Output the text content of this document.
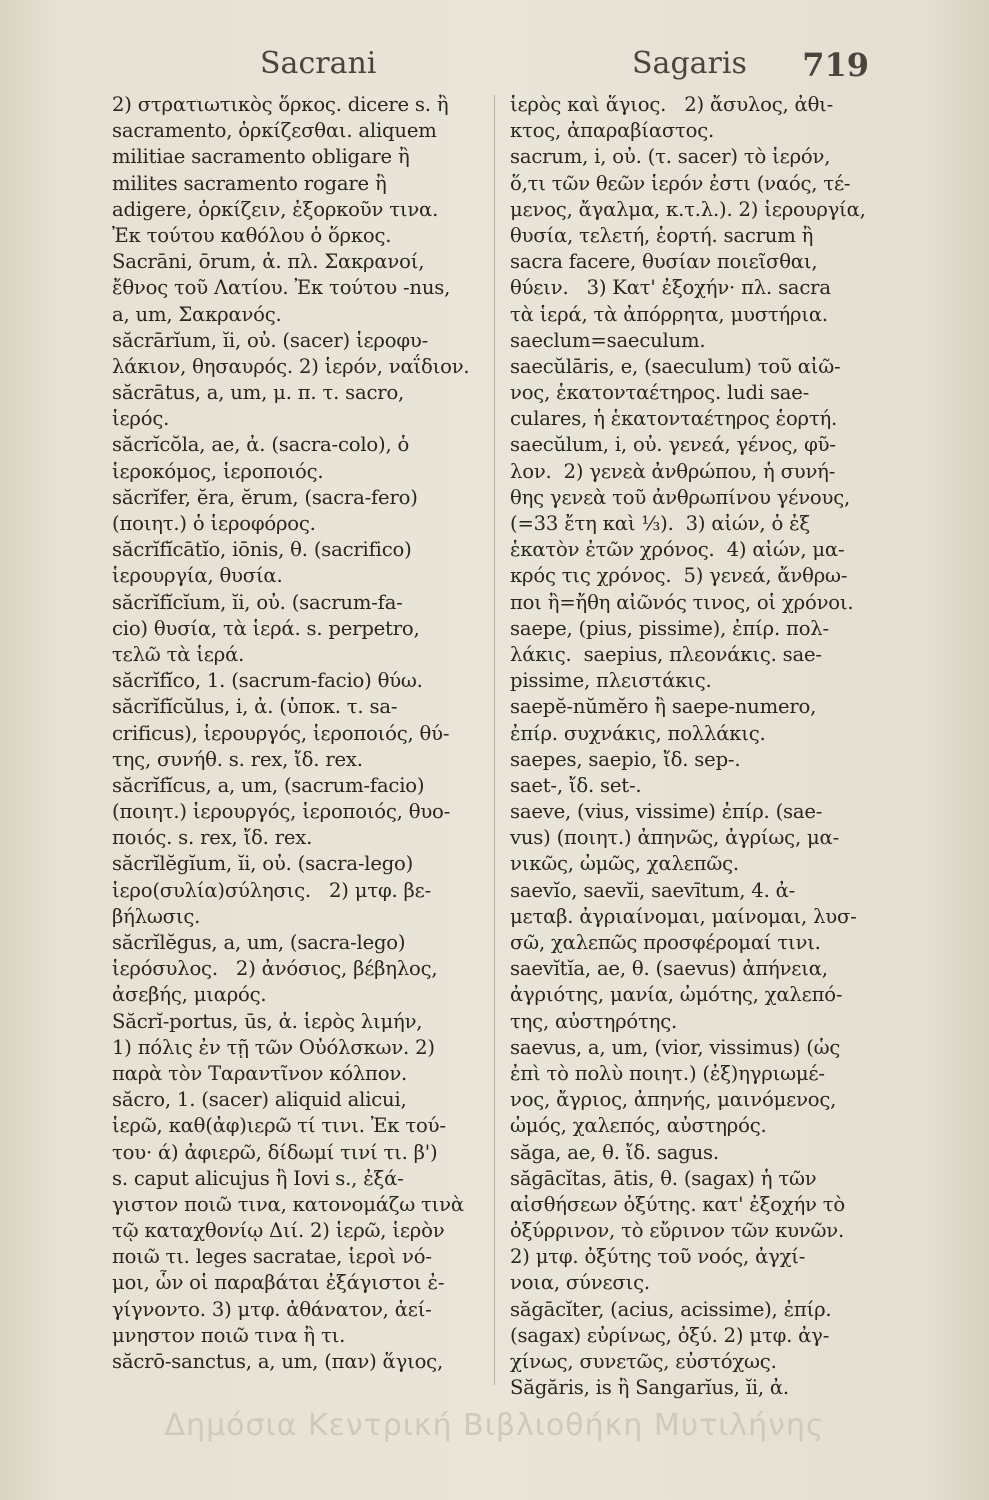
Sacrani	Sagaris 719
2) στρατιωτικὸς ὅρκος. dicere s. ἢ
sacramento, ὁρκίζεσθαι. aliquem
militiae sacramento obligare ἢ
milites sacramento rogare ἢ
adigere, ὁρκίζειν, ἐξορκοῦν τινα.
Ἐκ τούτου καθόλου ὁ ὅρκος.
Sacrāni, ōrum, ἀ. πλ. Σακρανοί,
ἔθνος τοῦ Λατίου. Ἐκ τούτου -nus,
a, um, Σακρανός.
săcrārĭum, ĭi, οὐ. (sacer) ἱεροφυ-
λάκιον, θησαυρός. 2) ἱερόν, ναΐδιον.
săcrātus, a, um, μ. π. τ. sacro,
ἱερός.
săcrĭcŏla, ae, ἀ. (sacra-colo), ὁ
ἱεροκόμος, ἱεροποιός.
săcrĭfer, ĕra, ĕrum, (sacra-fero)
(ποιητ.) ὁ ἱεροφόρος.
săcrĭfĭcātĭo, iōnis, θ. (sacrifico)
ἱερουργία, θυσία.
săcrĭfĭcĭum, ĭi, οὐ. (sacrum-fa-
cio) θυσία, τὰ ἱερά. s. perpetro,
τελῶ τὰ ἱερά.
săcrĭfĭco, 1. (sacrum-facio) θύω.
săcrĭfĭcŭlus, i, ἀ. (ὑποκ. τ. sa-
crificus), ἱερουργός, ἱεροποιός, θύ-
της, συνήθ. s. rex, ἴδ. rex.
săcrĭfĭcus, a, um, (sacrum-facio)
(ποιητ.) ἱερουργός, ἱεροποιός, θυο-
ποιός. s. rex, ἴδ. rex.
săcrĭlĕgĭum, ĭi, οὐ. (sacra-lego)
ἱερο(συλία)σύλησις.   2) μτφ. βε-
βήλωσις.
săcrĭlĕgus, a, um, (sacra-lego)
ἱερόσυλος.   2) ἀνόσιος, βέβηλος,
ἀσεβής, μιαρός.
Săcrĭ-portus, ūs, ἀ. ἱερὸς λιμήν,
1) πόλις ἐν τῇ τῶν Οὐόλσκων. 2)
παρὰ τὸν Ταραντῖνον κόλπον.
săcro, 1. (sacer) aliquid alicui,
ἱερῶ, καθ(ἀφ)ιερῶ τί τινι. Ἐκ τού-
του· ά) ἀφιερῶ, δίδωμί τινί τι. β')
s. caput alicujus ἢ Iovi s., ἐξά-
γιστον ποιῶ τινα, κατονομάζω τινὰ
τῷ καταχθονίῳ Διί. 2) ἱερῶ, ἱερὸν
ποιῶ τι. leges sacratae, ἱεροὶ νό-
μοι, ὧν οἱ παραβάται ἐξάγιστοι ἐ-
γίγνοντο. 3) μτφ. ἀθάνατον, ἀεί-
μνηστον ποιῶ τινα ἢ τι.
săcrō-sanctus, a, um, (παν) ἅγιος,
ἱερὸς καὶ ἅγιος.   2) ἄσυλος, ἀθι-
κτος, ἀπαραβίαστος.
sacrum, i, οὐ. (τ. sacer) τὸ ἱερόν,
ὅ,τι τῶν θεῶν ἱερόν ἐστι (ναός, τέ-
μενος, ἄγαλμα, κ.τ.λ.). 2) ἱερουργία,
θυσία, τελετή, ἑορτή. sacrum ἢ
sacra facere, θυσίαν ποιεῖσθαι,
θύειν.   3) Κατ' ἐξοχήν· πλ. sacra
τὰ ἱερά, τὰ ἀπόρρητα, μυστήρια.
saeclum=saeculum.
saecŭlāris, e, (saeculum) τοῦ αἰῶ-
νος, ἑκατονταέτηρος. ludi sae-
culares, ἡ ἑκατονταέτηρος ἑορτή.
saecŭlum, i, οὐ. γενεά, γένος, φῦ-
λον.  2) γενεὰ ἀνθρώπου, ἡ συνή-
θης γενεὰ τοῦ ἀνθρωπίνου γένους,
(=33 ἔτη καὶ ⅓).  3) αἰών, ὁ ἐξ
ἑκατὸν ἐτῶν χρόνος.  4) αἰών, μα-
κρός τις χρόνος.  5) γενεά, ἄνθρω-
ποι ἢ=ἤθη αἰῶνός τινος, οἱ χρόνοι.
saepe, (pius, pissime), ἐπίρ. πολ-
λάκις.  saepius, πλεονάκις. sae-
pissime, πλειστάκις.
saepĕ-nŭmĕro ἢ saepe-numero,
ἐπίρ. συχνάκις, πολλάκις.
saepes, saepio, ἴδ. sep-.
saet-, ἴδ. set-.
saeve, (vius, vissime) ἐπίρ. (sae-
vus) (ποιητ.) ἀπηνῶς, ἀγρίως, μα-
νικῶς, ὠμῶς, χαλεπῶς.
saevĭo, saevĭi, saevītum, 4. ἀ-
μεταβ. ἀγριαίνομαι, μαίνομαι, λυσ-
σῶ, χαλεπῶς προσφέρομαί τινι.
saevĭtĭa, ae, θ. (saevus) ἀπήνεια,
ἀγριότης, μανία, ὠμότης, χαλεπό-
της, αὐστηρότης.
saevus, a, um, (vior, vissimus) (ὡς
ἐπὶ τὸ πολὺ ποιητ.) (ἐξ)ηγριωμέ-
νος, ἄγριος, ἀπηνής, μαινόμενος,
ὠμός, χαλεπός, αὐστηρός.
săga, ae, θ. ἴδ. sagus.
săgācĭtas, ātis, θ. (sagax) ἡ τῶν
αἰσθήσεων ὀξύτης. κατ' ἐξοχήν τὸ
ὀξύρρινον, τὸ εὔρινον τῶν κυνῶν.
2) μτφ. ὀξύτης τοῦ νοός, ἀγχί-
νοια, σύνεσις.
săgācĭter, (acius, acissime), ἐπίρ.
(sagax) εὐρίνως, ὀξύ. 2) μτφ. ἀγ-
χίνως, συνετῶς, εὐστόχως.
Săgăris, is ἢ Sangarĭus, ĭi, ἀ.
Δημόσια Κεντρική Βιβλιοθήκη Μυτιλήνης
